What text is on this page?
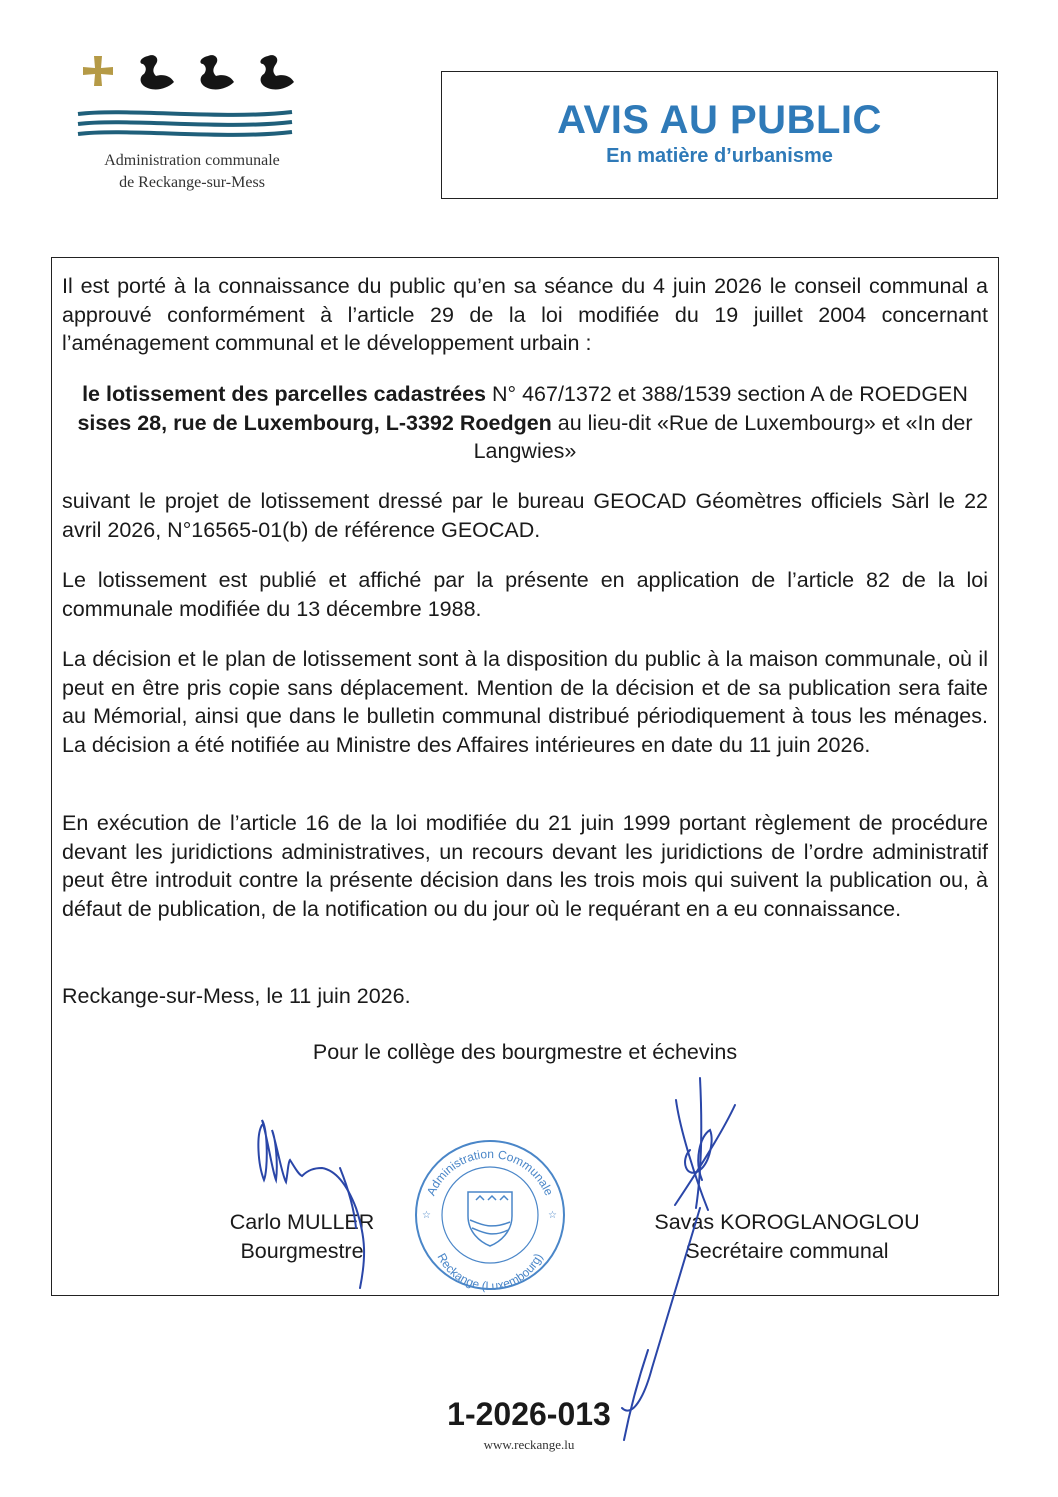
Administration communale
de Reckange-sur-Mess
AVIS AU PUBLIC
En matière d’urbanisme
Il est porté à la connaissance du public qu’en sa séance du 4 juin 2026 le conseil communal a approuvé conformément à l’article 29 de la loi modifiée du 19 juillet 2004 concernant l’aménagement communal et le développement urbain :
le lotissement des parcelles cadastrées N° 467/1372 et 388/1539 section A de ROEDGEN sises 28, rue de Luxembourg, L-3392 Roedgen au lieu-dit «Rue de Luxembourg» et «In der Langwies»
suivant le projet de lotissement dressé par le bureau GEOCAD Géomètres officiels Sàrl le 22 avril 2026, N°16565-01(b) de référence GEOCAD.
Le lotissement est publié et affiché par la présente en application de l’article 82 de la loi communale modifiée du 13 décembre 1988.
La décision et le plan de lotissement sont à la disposition du public à la maison communale, où il peut en être pris copie sans déplacement. Mention de la décision et de sa publication sera faite au Mémorial, ainsi que dans le bulletin communal distribué périodiquement à tous les ménages. La décision a été notifiée au Ministre des Affaires intérieures en date du 11 juin 2026.
En exécution de l’article 16 de la loi modifiée du 21 juin 1999 portant règlement de procédure devant les juridictions administratives, un recours devant les juridictions de l’ordre administratif peut être introduit contre la présente décision dans les trois mois qui suivent la publication ou, à défaut de publication, de la notification ou du jour où le requérant en a eu connaissance.
Reckange-sur-Mess, le 11 juin 2026.
Pour le collège des bourgmestre et échevins
Carlo MULLER
Bourgmestre
Savas KOROGLANOGLOU
Secrétaire communal
Administration Communale
Reckange (Luxembourg)
☆	☆
1-2026-013
www.reckange.lu
